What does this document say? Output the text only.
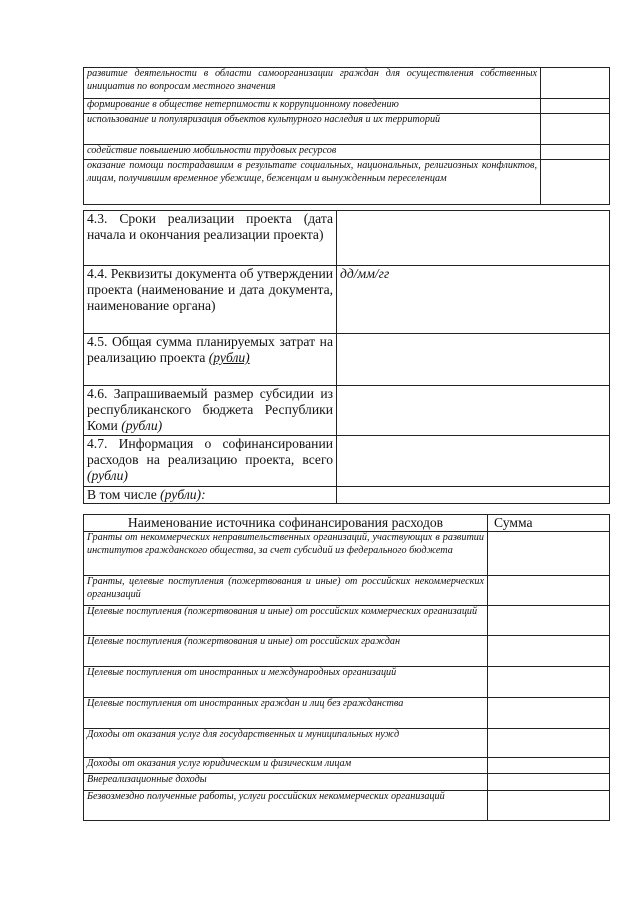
развитие деятельности в области самоорганизации граждан для осуществления собственных инициатив по вопросам местного значения	
формирование в обществе нетерпимости к коррупционному поведению	
использование и популяризация объектов культурного наследия и их территорий	
содействие повышению мобильности трудовых ресурсов	
оказание помощи пострадавшим в результате социальных, национальных, религиозных конфликтов, лицам, получившим временное убежище, беженцам и вынужденным переселенцам	
4.3. Сроки реализации проекта (дата начала и окончания реализации проекта)	
4.4. Реквизиты документа об утверждении проекта (наименование и дата документа, наименование органа)	дд/мм/гг
4.5. Общая сумма планируемых затрат на реализацию проекта (рубли)	
4.6. Запрашиваемый размер субсидии из республиканского бюджета Республики Коми (рубли)	
4.7. Информация о софинансировании расходов на реализацию проекта, всего (рубли)	
В том числе (рубли):	
Наименование источника софинансирования расходов	Сумма
Гранты от некоммерческих неправительственных организаций, участвующих в развитии институтов гражданского общества, за счет субсидий из федерального бюджета	
Гранты, целевые поступления (пожертвования и иные) от российских некоммерческих организаций	
Целевые поступления (пожертвования и иные) от российских коммерческих организаций	
Целевые поступления (пожертвования и иные) от российских граждан	
Целевые поступления от иностранных и международных организаций	
Целевые поступления от иностранных граждан и лиц без гражданства	
Доходы от оказания услуг для государственных и муниципальных нужд	
Доходы от оказания услуг юридическим и физическим лицам	
Внереализационные доходы	
Безвозмездно полученные работы, услуги российских некоммерческих организаций	
